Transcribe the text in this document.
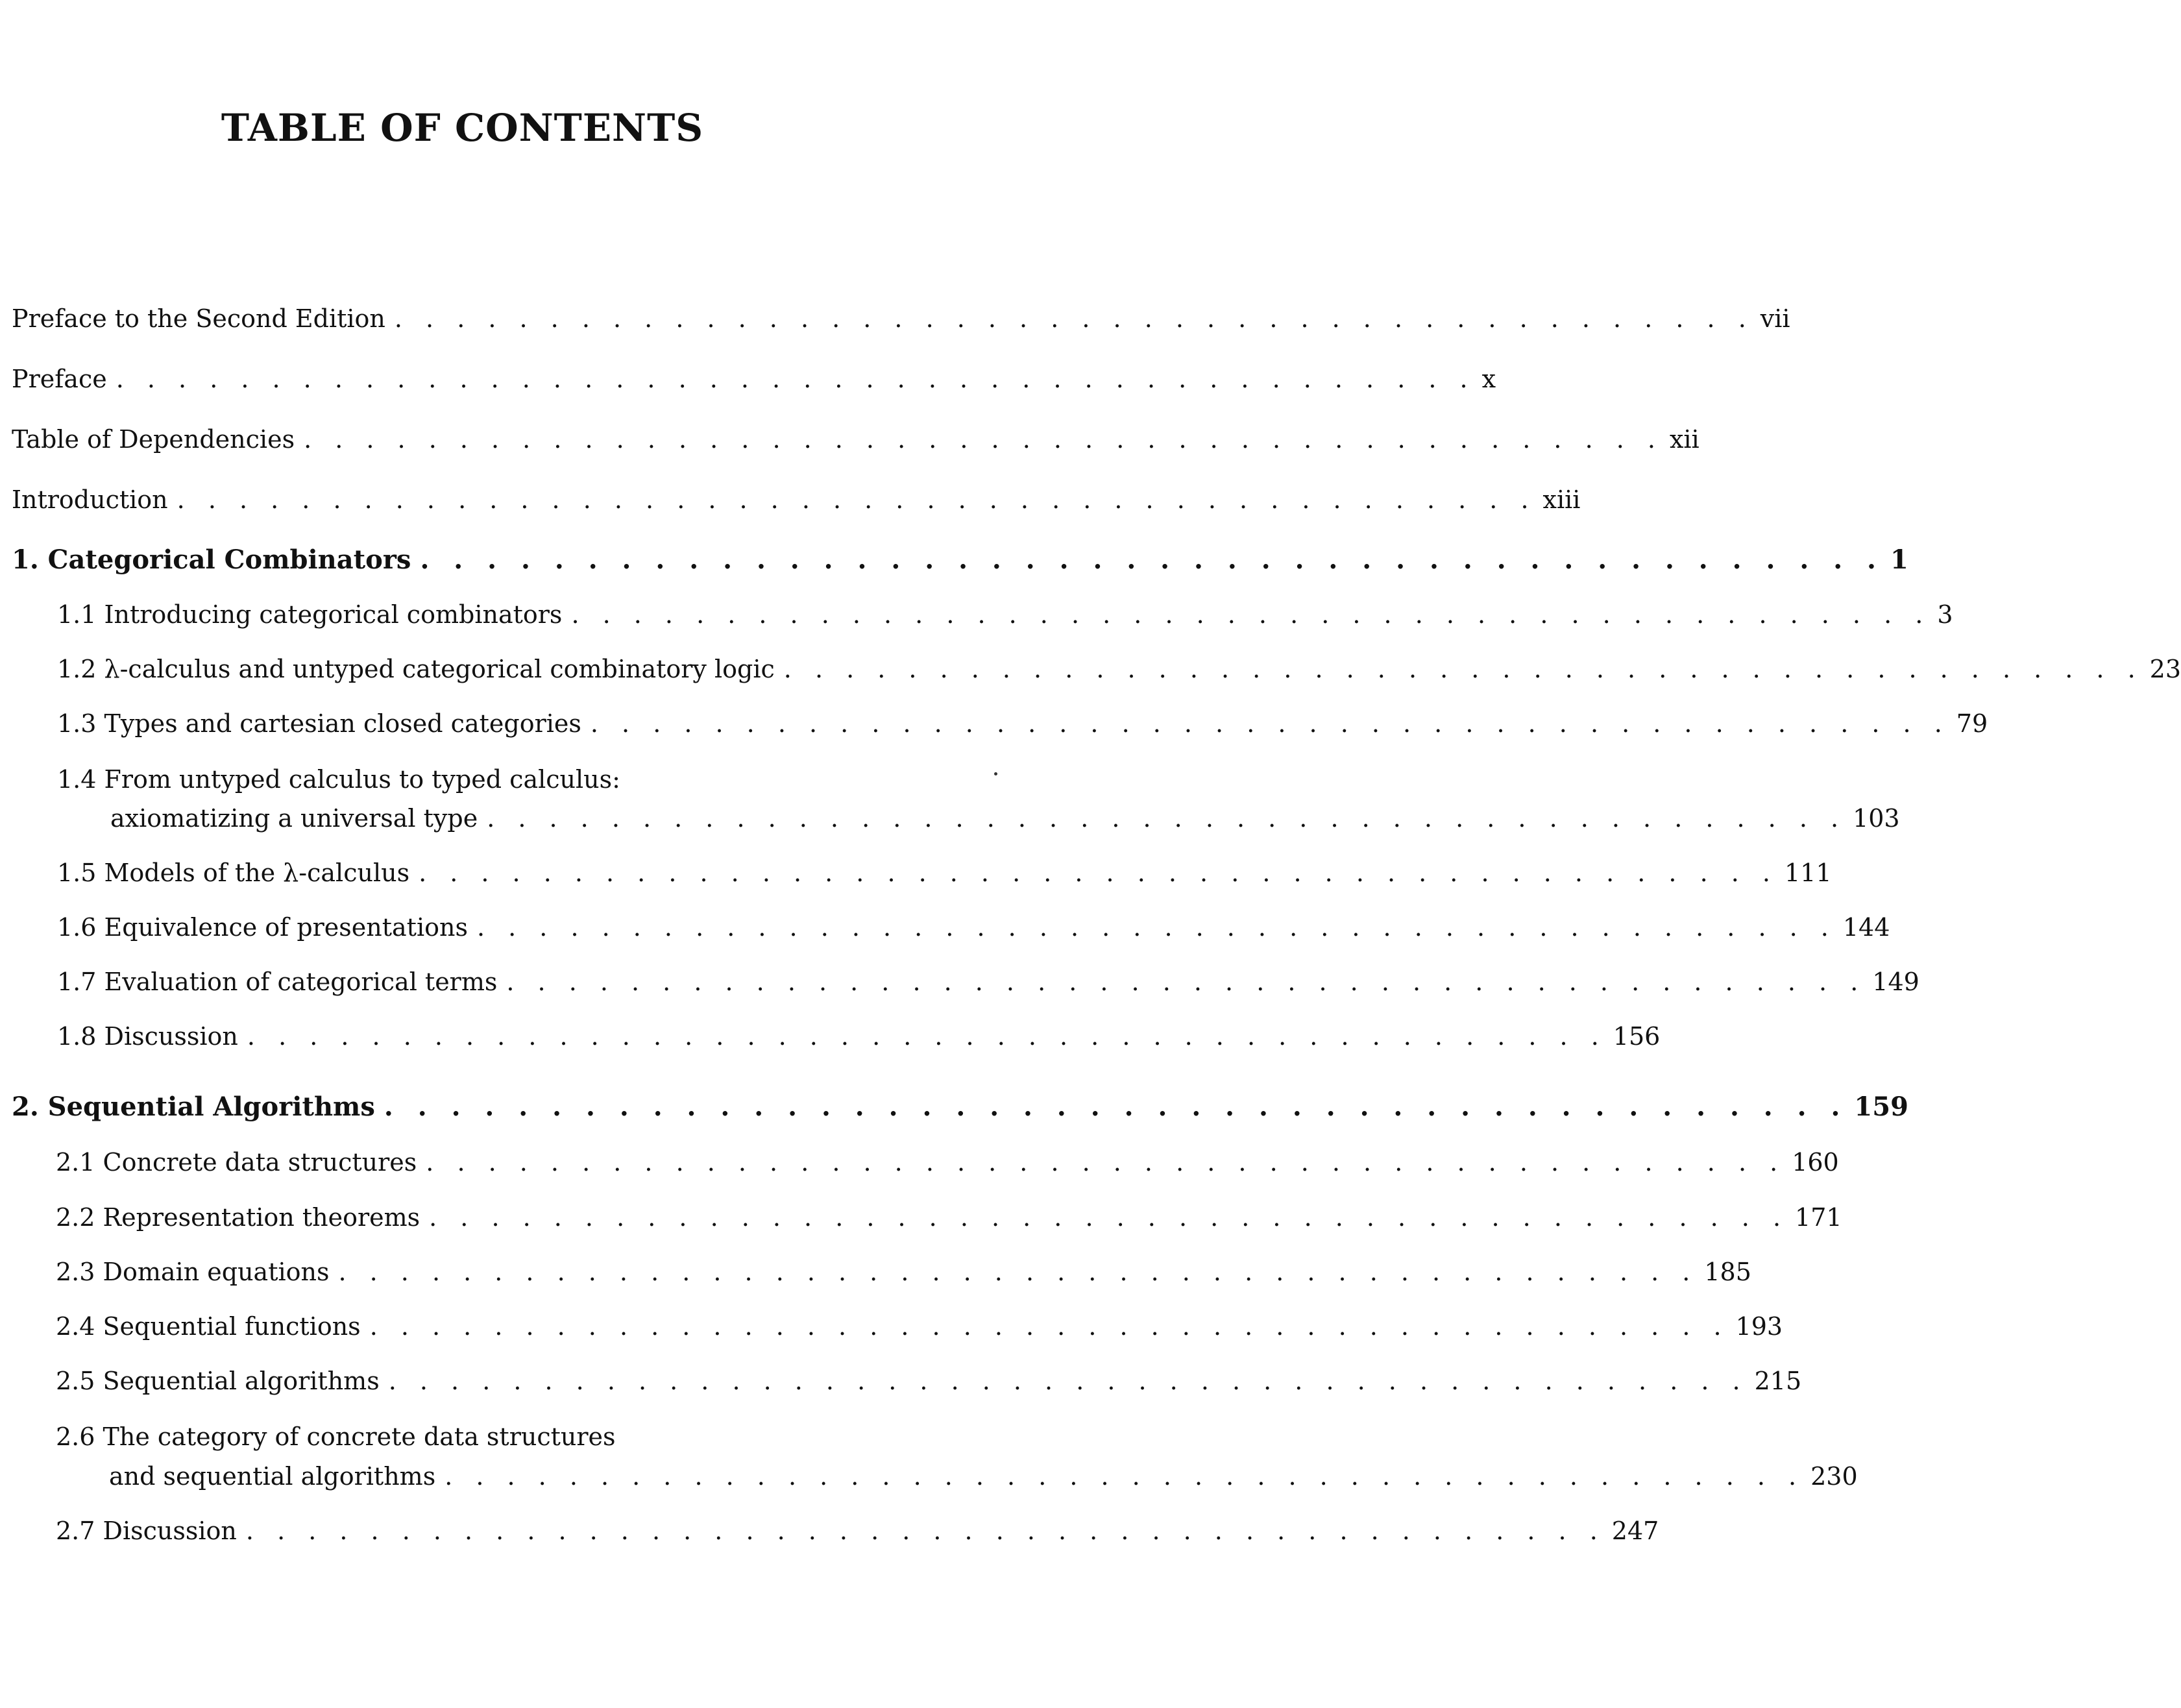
TABLE OF CONTENTS
Preface to the Second Edition . . . . . . . . . . . . . . . . . . . . . . . . . . . . . . . . . . . . . . . . . . . . vii
Preface . . . . . . . . . . . . . . . . . . . . . . . . . . . . . . . . . . . . . . . . . . . . x
Table of Dependencies . . . . . . . . . . . . . . . . . . . . . . . . . . . . . . . . . . . . . . . . . . . . xii
Introduction . . . . . . . . . . . . . . . . . . . . . . . . . . . . . . . . . . . . . . . . . . . . xiii
1. Categorical Combinators . . . . . . . . . . . . . . . . . . . . . . . . . . . . . . . . . . . . . . . . . . . . 1
1.1 Introducing categorical combinators . . . . . . . . . . . . . . . . . . . . . . . . . . . . . . . . . . . . . . . . . . . . 3
1.2 λ-calculus and untyped categorical combinatory logic . . . . . . . . . . . . . . . . . . . . . . . . . . . . . . . . . . . . . . . . . . . . 23
1.3 Types and cartesian closed categories . . . . . . . . . . . . . . . . . . . . . . . . . . . . . . . . . . . . . . . . . . . . 79
1.4 From untyped calculus to typed calculus:
axiomatizing a universal type . . . . . . . . . . . . . . . . . . . . . . . . . . . . . . . . . . . . . . . . . . . . 103
1.5 Models of the λ-calculus . . . . . . . . . . . . . . . . . . . . . . . . . . . . . . . . . . . . . . . . . . . . 111
1.6 Equivalence of presentations . . . . . . . . . . . . . . . . . . . . . . . . . . . . . . . . . . . . . . . . . . . . 144
1.7 Evaluation of categorical terms . . . . . . . . . . . . . . . . . . . . . . . . . . . . . . . . . . . . . . . . . . . . 149
1.8 Discussion . . . . . . . . . . . . . . . . . . . . . . . . . . . . . . . . . . . . . . . . . . . . 156
2. Sequential Algorithms . . . . . . . . . . . . . . . . . . . . . . . . . . . . . . . . . . . . . . . . . . . . 159
2.1 Concrete data structures . . . . . . . . . . . . . . . . . . . . . . . . . . . . . . . . . . . . . . . . . . . . 160
2.2 Representation theorems . . . . . . . . . . . . . . . . . . . . . . . . . . . . . . . . . . . . . . . . . . . . 171
2.3 Domain equations . . . . . . . . . . . . . . . . . . . . . . . . . . . . . . . . . . . . . . . . . . . . 185
2.4 Sequential functions . . . . . . . . . . . . . . . . . . . . . . . . . . . . . . . . . . . . . . . . . . . . 193
2.5 Sequential algorithms . . . . . . . . . . . . . . . . . . . . . . . . . . . . . . . . . . . . . . . . . . . . 215
2.6 The category of concrete data structures
and sequential algorithms . . . . . . . . . . . . . . . . . . . . . . . . . . . . . . . . . . . . . . . . . . . . 230
2.7 Discussion . . . . . . . . . . . . . . . . . . . . . . . . . . . . . . . . . . . . . . . . . . . . 247
